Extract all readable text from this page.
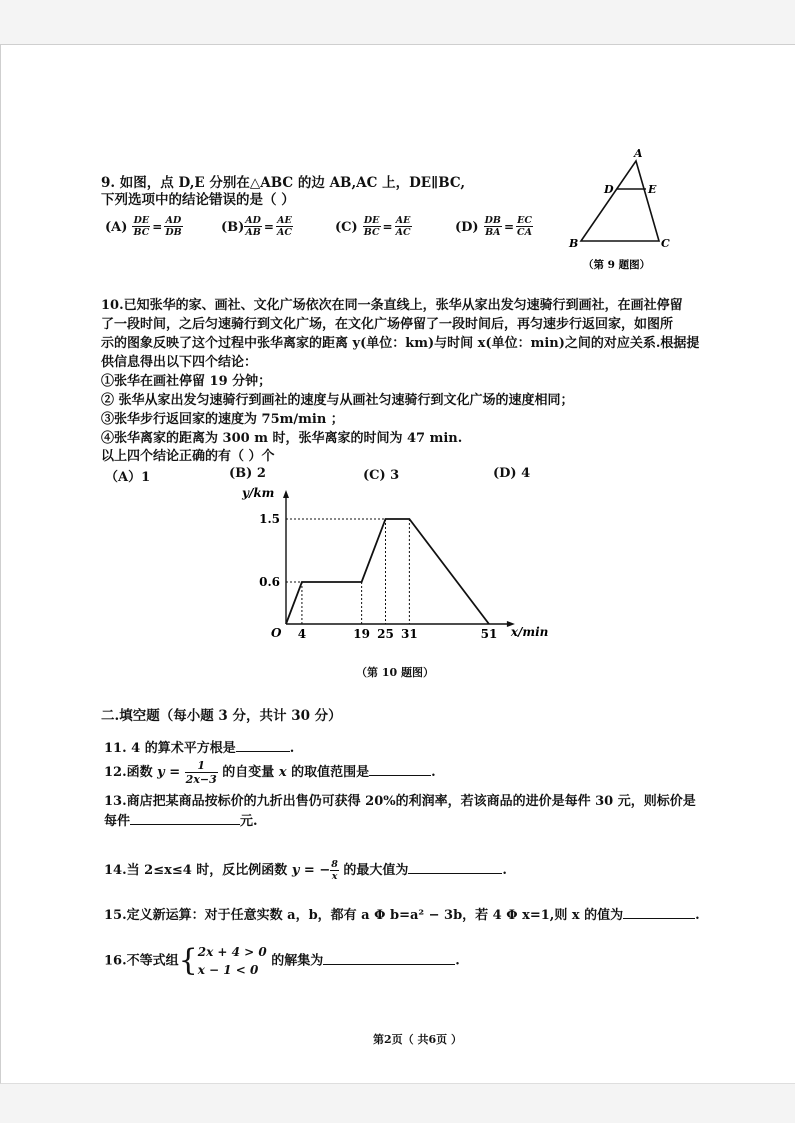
9. 如图，点 D,E 分别在△ABC 的边 AB,AC 上，DE∥BC,
下列选项中的结论错误的是（ ）
$(A) \frac{DE}{BC} = \frac{AD}{DB}$	$(B) \frac{AD}{AB} = \frac{AE}{AC}$	$(C) \frac{DE}{BC} = \frac{AE}{AC}$	$(D) \frac{DB}{BA} = \frac{EC}{CA}$
A
D	E
B	C
（第 9 题图）
10.已知张华的家、画社、文化广场依次在同一条直线上，张华从家出发匀速骑行到画社，在画社停留
了一段时间，之后匀速骑行到文化广场，在文化广场停留了一段时间后，再匀速步行返回家，如图所
示的图象反映了这个过程中张华离家的距离 y(单位：km)与时间 x(单位：min)之间的对应关系.根据提
供信息得出以下四个结论：
①张华在画社停留 19 分钟；
② 张华从家出发匀速骑行到画社的速度与从画社匀速骑行到文化广场的速度相同；
③张华步行返回家的速度为 75m/min ；
④张华离家的距离为 300 m 时，张华离家的时间为 47 min.
以上四个结论正确的有（ ）个
（A）1	(B) 2	(C) 3	(D) 4
y/km
x/min
O 4	19 25 31	51
0.6
1.5
（第 10 题图）
二.填空题（每小题 3 分，共计 30 分）
11. 4 的算术平方根是	.
12.函数 $y = \frac{1}{2x-3}$ 的自变量 x 的取值范围是	.
13.商店把某商品按标价的九折出售仍可获得 20%的利润率，若该商品的进价是每件 30 元，则标价是
每件	元.
14.当 2≤x≤4 时，反比例函数 y = − $\frac{8}{x}$ 的最大值为	.
15.定义新运算：对于任意实数 a，b，都有 a Φ b=a² − 3b，若 4 Φ x=1,则 x 的值为	.
16.不等式组{ 2x + 4 > 0
x − 1 < 0
的解集为	.
第2页（ 共6页 ）
